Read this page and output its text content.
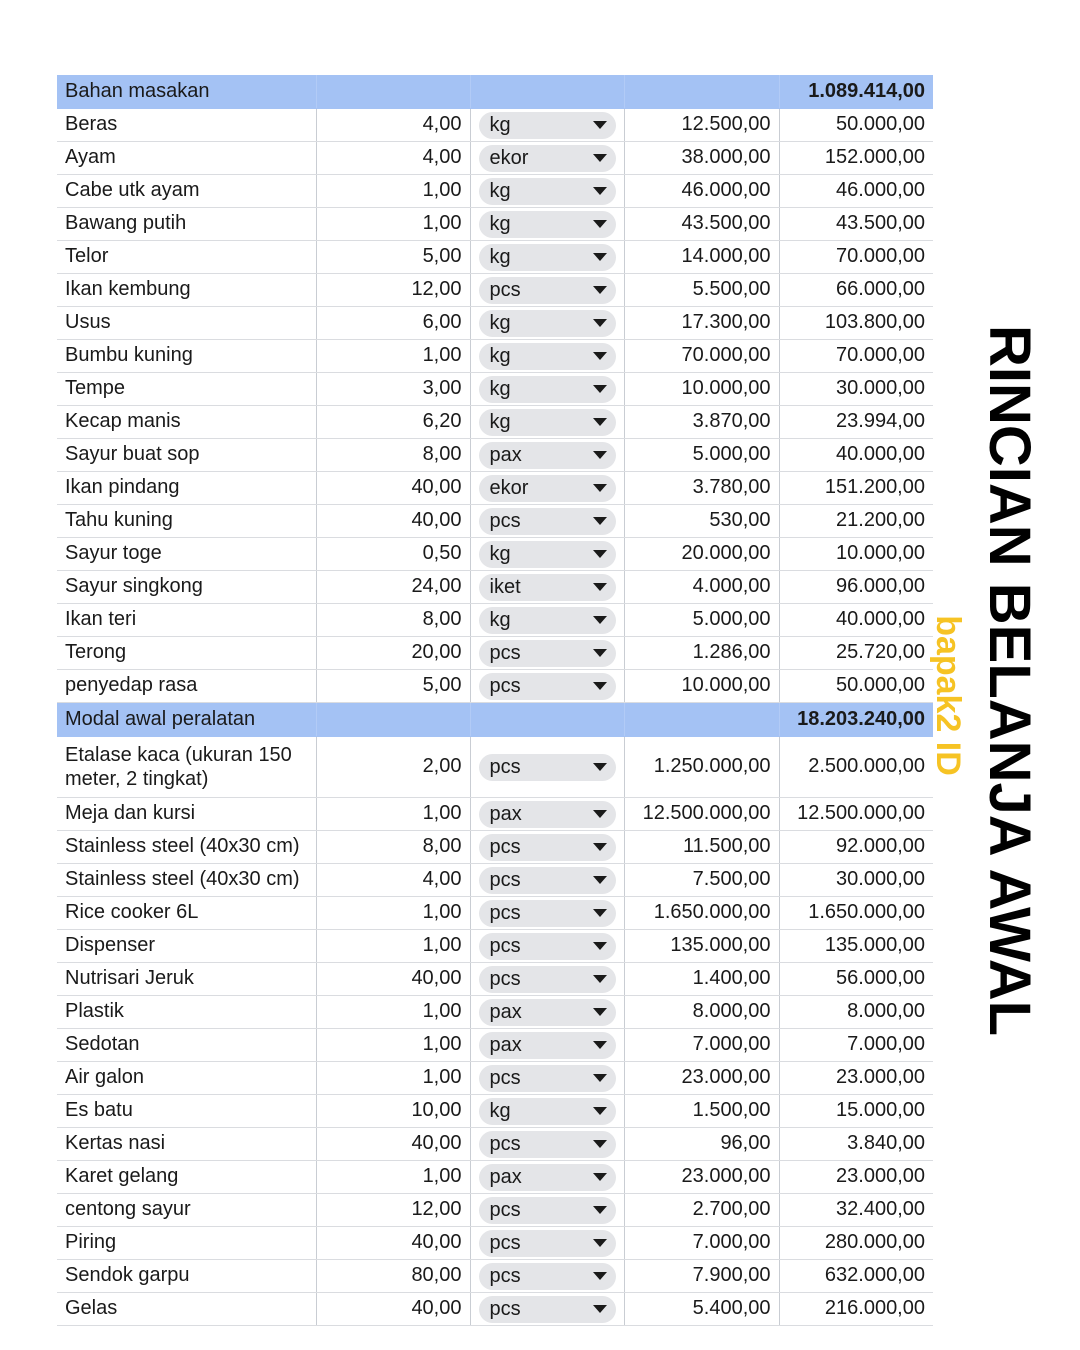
Bahan masakan				1.089.414,00
Beras	4,00	kg	12.500,00	50.000,00
Ayam	4,00	ekor	38.000,00	152.000,00
Cabe utk ayam	1,00	kg	46.000,00	46.000,00
Bawang putih	1,00	kg	43.500,00	43.500,00
Telor	5,00	kg	14.000,00	70.000,00
Ikan kembung	12,00	pcs	5.500,00	66.000,00
Usus	6,00	kg	17.300,00	103.800,00
Bumbu kuning	1,00	kg	70.000,00	70.000,00
Tempe	3,00	kg	10.000,00	30.000,00
Kecap manis	6,20	kg	3.870,00	23.994,00
Sayur buat sop	8,00	pax	5.000,00	40.000,00
Ikan pindang	40,00	ekor	3.780,00	151.200,00
Tahu kuning	40,00	pcs	530,00	21.200,00
Sayur toge	0,50	kg	20.000,00	10.000,00
Sayur singkong	24,00	iket	4.000,00	96.000,00
Ikan teri	8,00	kg	5.000,00	40.000,00
Terong	20,00	pcs	1.286,00	25.720,00
penyedap rasa	5,00	pcs	10.000,00	50.000,00
Modal awal peralatan				18.203.240,00
Etalase kaca (ukuran 150 meter, 2 tingkat)	2,00	pcs	1.250.000,00	2.500.000,00
Meja dan kursi	1,00	pax	12.500.000,00	12.500.000,00
Stainless steel (40x30 cm)	8,00	pcs	11.500,00	92.000,00
Stainless steel (40x30 cm)	4,00	pcs	7.500,00	30.000,00
Rice cooker 6L	1,00	pcs	1.650.000,00	1.650.000,00
Dispenser	1,00	pcs	135.000,00	135.000,00
Nutrisari Jeruk	40,00	pcs	1.400,00	56.000,00
Plastik	1,00	pax	8.000,00	8.000,00
Sedotan	1,00	pax	7.000,00	7.000,00
Air galon	1,00	pcs	23.000,00	23.000,00
Es batu	10,00	kg	1.500,00	15.000,00
Kertas nasi	40,00	pcs	96,00	3.840,00
Karet gelang	1,00	pax	23.000,00	23.000,00
centong sayur	12,00	pcs	2.700,00	32.400,00
Piring	40,00	pcs	7.000,00	280.000,00
Sendok garpu	80,00	pcs	7.900,00	632.000,00
Gelas	40,00	pcs	5.400,00	216.000,00
RINCIAN BELANJA AWAL
bapak2 ID
